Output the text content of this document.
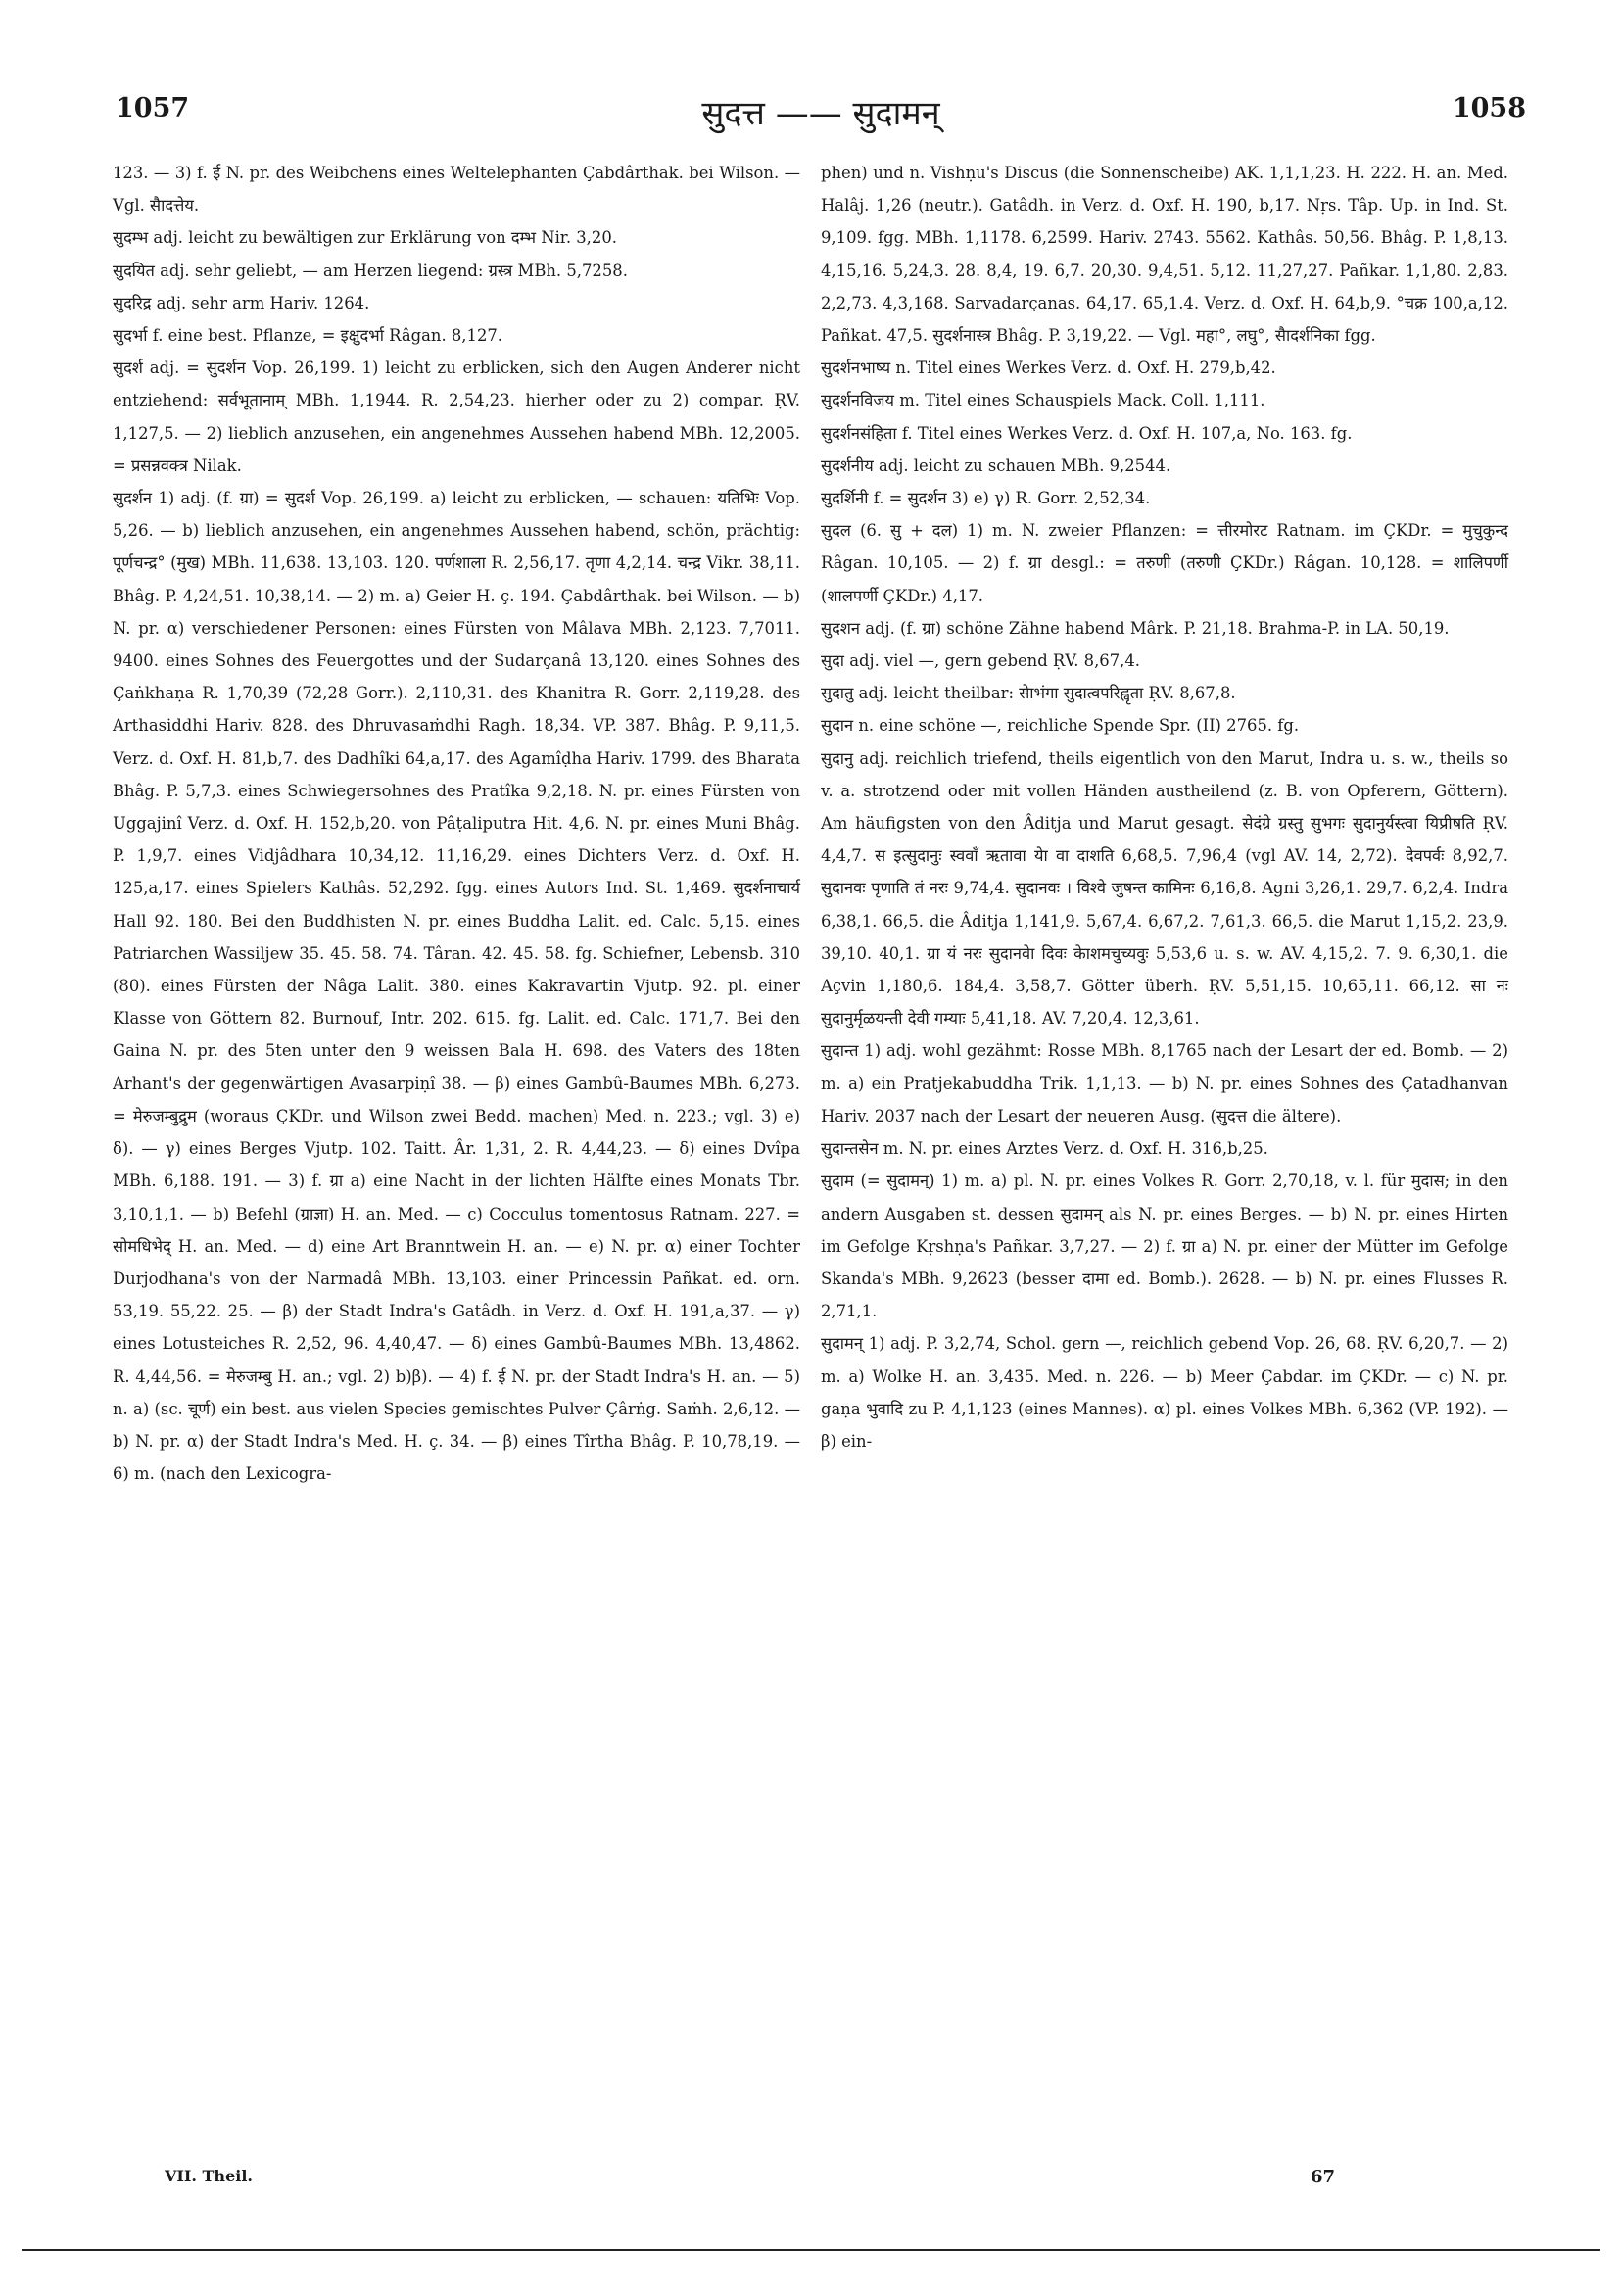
1057	सुदत्त —— सुदामन्	1058

123. — 3) f. ई N. pr. des Weibchens eines Weltelephanten Çabdârthak. bei Wilson. — Vgl. सैादत्तेय.

सुदम्भ adj. leicht zu bewältigen zur Erklärung von दम्भ Nir. 3,20.

सुदयित adj. sehr geliebt, — am Herzen liegend: ग्रस्त्र MBh. 5,7258.

सुदरिद्र adj. sehr arm Hariv. 1264.

सुदर्भा f. eine best. Pflanze, = इक्षुदर्भा Râgan. 8,127.

सुदर्श adj. = सुदर्शन Vop. 26,199. 1) leicht zu erblicken, sich den Augen Anderer nicht entziehend: सर्वभूतानाम् MBh. 1,1944. R. 2,54,23. hierher oder zu 2) compar. ṚV. 1,127,5. — 2) lieblich anzusehen, ein angenehmes Aussehen habend MBh. 12,2005. = प्रसन्नवक्त्र Nilak.

सुदर्शन 1) adj. (f. ग्रा) = सुदर्श Vop. 26,199. a) leicht zu erblicken, — schauen: यतिभिः Vop. 5,26. — b) lieblich anzusehen, ein angenehmes Aussehen habend, schön, prächtig: पूर्णचन्द्र° (मुख) MBh. 11,638. 13,103. 120. पर्णशाला R. 2,56,17. तृणा 4,2,14. चन्द्र Vikr. 38,11. Bhâg. P. 4,24,51. 10,38,14. — 2) m. a) Geier H. ç. 194. Çabdârthak. bei Wilson. — b) N. pr. α) verschiedener Personen: eines Fürsten von Mâlava MBh. 2,123. 7,7011. 9400. eines Sohnes des Feuergottes und der Sudarçanâ 13,120. eines Sohnes des Çaṅkhaṇa R. 1,70,39 (72,28 Gorr.). 2,110,31. des Khanitra R. Gorr. 2,119,28. des Arthasiddhi Hariv. 828. des Dhruvasaṁdhi Ragh. 18,34. VP. 387. Bhâg. P. 9,11,5. Verz. d. Oxf. H. 81,b,7. des Dadhîki 64,a,17. des Agamîḍha Hariv. 1799. des Bharata Bhâg. P. 5,7,3. eines Schwiegersohnes des Pratîka 9,2,18. N. pr. eines Fürsten von Uggajinî Verz. d. Oxf. H. 152,b,20. von Pâṭaliputra Hit. 4,6. N. pr. eines Muni Bhâg. P. 1,9,7. eines Vidjâdhara 10,34,12. 11,16,29. eines Dichters Verz. d. Oxf. H. 125,a,17. eines Spielers Kathâs. 52,292. fgg. eines Autors Ind. St. 1,469. सुदर्शनाचार्य Hall 92. 180. Bei den Buddhisten N. pr. eines Buddha Lalit. ed. Calc. 5,15. eines Patriarchen Wassiljew 35. 45. 58. 74. Târan. 42. 45. 58. fg. Schiefner, Lebensb. 310 (80). eines Fürsten der Nâga Lalit. 380. eines Kakravartin Vjutp. 92. pl. einer Klasse von Göttern 82. Burnouf, Intr. 202. 615. fg. Lalit. ed. Calc. 171,7. Bei den Gaina N. pr. des 5ten unter den 9 weissen Bala H. 698. des Vaters des 18ten Arhant's der gegenwärtigen Avasarpiṇî 38. — β) eines Gambû-Baumes MBh. 6,273. = मेरुजम्बुद्रुम (woraus ÇKDr. und Wilson zwei Bedd. machen) Med. n. 223.; vgl. 3) e) δ). — γ) eines Berges Vjutp. 102. Taitt. Âr. 1,31, 2. R. 4,44,23. — δ) eines Dvîpa MBh. 6,188. 191. — 3) f. ग्रा a) eine Nacht in der lichten Hälfte eines Monats Tbr. 3,10,1,1. — b) Befehl (ग्राज्ञा) H. an. Med. — c) Cocculus tomentosus Ratnam. 227. = सोमधिभेद् H. an. Med. — d) eine Art Branntwein H. an. — e) N. pr. α) einer Tochter Durjodhana's von der Narmadâ MBh. 13,103. einer Princessin Pañkat. ed. orn. 53,19. 55,22. 25. — β) der Stadt Indra's Gatâdh. in Verz. d. Oxf. H. 191,a,37. — γ) eines Lotusteiches R. 2,52, 96. 4,40,47. — δ) eines Gambû-Baumes MBh. 13,4862. R. 4,44,56. = मेरुजम्बु H. an.; vgl. 2) b)β). — 4) f. ई N. pr. der Stadt Indra's H. an. — 5) n. a) (sc. चूर्ण) ein best. aus vielen Species gemischtes Pulver Çârṅg. Saṁh. 2,6,12. — b) N. pr. α) der Stadt Indra's Med. H. ç. 34. — β) eines Tîrtha Bhâg. P. 10,78,19. — 6) m. (nach den Lexicogra-

phen) und n. Vishṇu's Discus (die Sonnenscheibe) AK. 1,1,1,23. H. 222. H. an. Med. Halâj. 1,26 (neutr.). Gatâdh. in Verz. d. Oxf. H. 190, b,17. Nṛs. Tâp. Up. in Ind. St. 9,109. fgg. MBh. 1,1178. 6,2599. Hariv. 2743. 5562. Kathâs. 50,56. Bhâg. P. 1,8,13. 4,15,16. 5,24,3. 28. 8,4, 19. 6,7. 20,30. 9,4,51. 5,12. 11,27,27. Pañkar. 1,1,80. 2,83. 2,2,73. 4,3,168. Sarvadarçanas. 64,17. 65,1.4. Verz. d. Oxf. H. 64,b,9. °चक्र 100,a,12. Pañkat. 47,5. सुदर्शनास्त्र Bhâg. P. 3,19,22. — Vgl. महा°, लघु°, सैादर्शनिका fgg.

सुदर्शनभाष्य n. Titel eines Werkes Verz. d. Oxf. H. 279,b,42.

सुदर्शनविजय m. Titel eines Schauspiels Mack. Coll. 1,111.

सुदर्शनसंहिता f. Titel eines Werkes Verz. d. Oxf. H. 107,a, No. 163. fg.

सुदर्शनीय adj. leicht zu schauen MBh. 9,2544.

सुदर्शिनी f. = सुदर्शन 3) e) γ) R. Gorr. 2,52,34.

सुदल (6. सु + दल) 1) m. N. zweier Pflanzen: = त्तीरमोरट Ratnam. im ÇKDr. = मुचुकुन्द Râgan. 10,105. — 2) f. ग्रा desgl.: = तरुणी (तरुणी ÇKDr.) Râgan. 10,128. = शालिपर्णी (शालपर्णी ÇKDr.) 4,17.

सुदशन adj. (f. ग्रा) schöne Zähne habend Mârk. P. 21,18. Brahma-P. in LA. 50,19.

सुदा adj. viel —, gern gebend ṚV. 8,67,4.

सुदातु adj. leicht theilbar: सेाभंगा सुदात्वपरिह्वृता ṚV. 8,67,8.

सुदान n. eine schöne —, reichliche Spende Spr. (II) 2765. fg.

सुदानु adj. reichlich triefend, theils eigentlich von den Marut, Indra u. s. w., theils so v. a. strotzend oder mit vollen Händen austheilend (z. B. von Opferern, Göttern). Am häufigsten von den Âditja und Marut gesagt. सेदंग्रे ग्रस्तु सुभगः सुदानुर्यस्त्वा यिप्रीषति ṚV. 4,4,7. स इत्सुदानुः स्ववाँ ऋतावा येा वा दाशति 6,68,5. 7,96,4 (vgl AV. 14, 2,72). देवपर्वः 8,92,7. सुदानवः पृणाति तं नरः 9,74,4. सुदानवः । विश्वे जुषन्त कामिनः 6,16,8. Agni 3,26,1. 29,7. 6,2,4. Indra 6,38,1. 66,5. die Âditja 1,141,9. 5,67,4. 6,67,2. 7,61,3. 66,5. die Marut 1,15,2. 23,9. 39,10. 40,1. ग्रा यं नरः सुदानवेा दिवः केाशमचुच्यवुः 5,53,6 u. s. w. AV. 4,15,2. 7. 9. 6,30,1. die Açvin 1,180,6. 184,4. 3,58,7. Götter überh. ṚV. 5,51,15. 10,65,11. 66,12. सा नः सुदानुर्मृळयन्ती देवी गम्याः 5,41,18. AV. 7,20,4. 12,3,61.

सुदान्त 1) adj. wohl gezähmt: Rosse MBh. 8,1765 nach der Lesart der ed. Bomb. — 2) m. a) ein Pratjekabuddha Trik. 1,1,13. — b) N. pr. eines Sohnes des Çatadhanvan Hariv. 2037 nach der Lesart der neueren Ausg. (सुदत्त die ältere).

सुदान्तसेन m. N. pr. eines Arztes Verz. d. Oxf. H. 316,b,25.

सुदाम (= सुदामन्) 1) m. a) pl. N. pr. eines Volkes R. Gorr. 2,70,18, v. l. für मुदास; in den andern Ausgaben st. dessen सुदामन् als N. pr. eines Berges. — b) N. pr. eines Hirten im Gefolge Kṛshṇa's Pañkar. 3,7,27. — 2) f. ग्रा a) N. pr. einer der Mütter im Gefolge Skanda's MBh. 9,2623 (besser दामा ed. Bomb.). 2628. — b) N. pr. eines Flusses R. 2,71,1.

सुदामन् 1) adj. P. 3,2,74, Schol. gern —, reichlich gebend Vop. 26, 68. ṚV. 6,20,7. — 2) m. a) Wolke H. an. 3,435. Med. n. 226. — b) Meer Çabdar. im ÇKDr. — c) N. pr. gaṇa भुवादि zu P. 4,1,123 (eines Mannes). α) pl. eines Volkes MBh. 6,362 (VP. 192). — β) ein-

VII. Theil.	67
